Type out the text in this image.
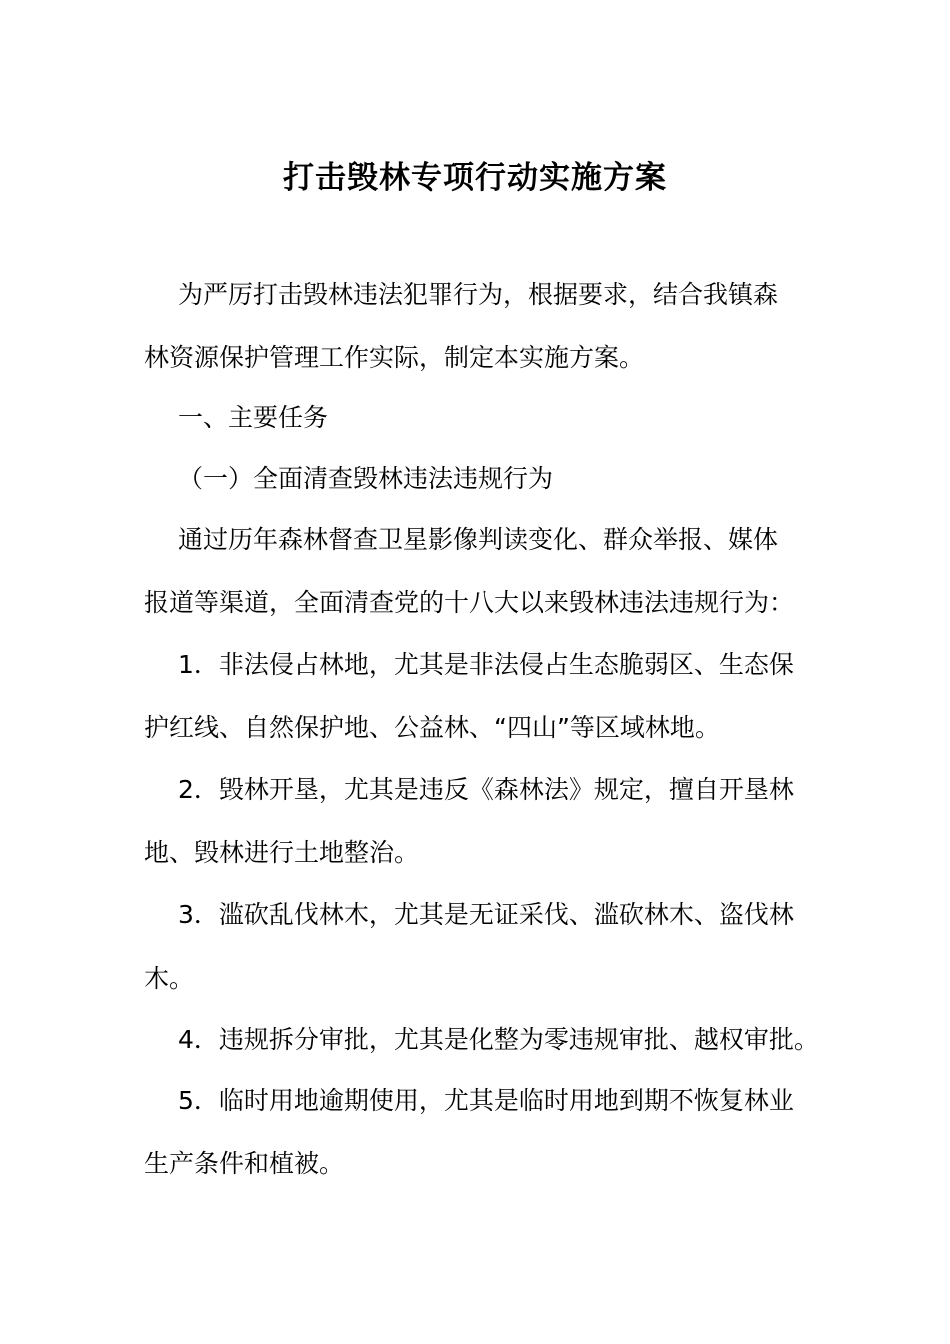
打击毁林专项行动实施方案

为严厉打击毁林违法犯罪行为，根据要求，结合我镇森

林资源保护管理工作实际，制定本实施方案。

一、主要任务

（一）全面清查毁林违法违规行为

通过历年森林督查卫星影像判读变化、群众举报、媒体

报道等渠道，全面清查党的十八大以来毁林违法违规行为：

1．非法侵占林地，尤其是非法侵占生态脆弱区、生态保

护红线、自然保护地、公益林、“四山”等区域林地。

2．毁林开垦，尤其是违反《森林法》规定，擅自开垦林

地、毁林进行土地整治。

3．滥砍乱伐林木，尤其是无证采伐、滥砍林木、盗伐林

木。

4．违规拆分审批，尤其是化整为零违规审批、越权审批。

5．临时用地逾期使用，尤其是临时用地到期不恢复林业

生产条件和植被。
